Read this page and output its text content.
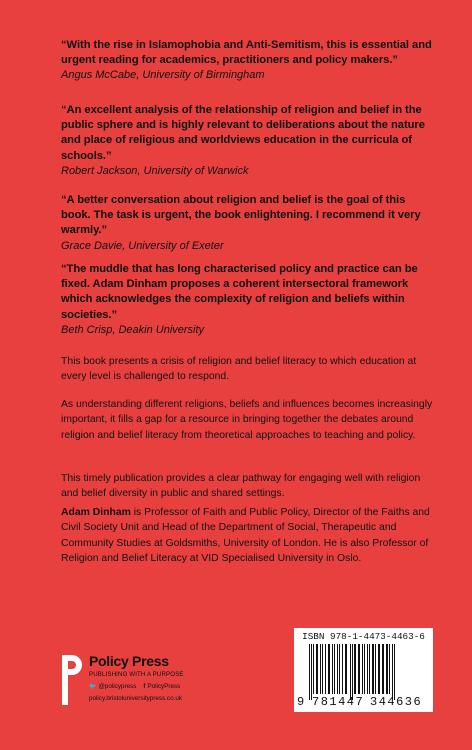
“With the rise in Islamophobia and Anti-Semitism, this is essential and urgent reading for academics, practitioners and policy makers.”
Angus McCabe, University of Birmingham
“An excellent analysis of the relationship of religion and belief in the public sphere and is highly relevant to deliberations about the nature and place of religious and worldviews education in the curricula of schools.”
Robert Jackson, University of Warwick
“A better conversation about religion and belief is the goal of this book. The task is urgent, the book enlightening. I recommend it very warmly.”
Grace Davie, University of Exeter
“The muddle that has long characterised policy and practice can be fixed. Adam Dinham proposes a coherent intersectoral framework which acknowledges the complexity of religion and beliefs within societies.”
Beth Crisp, Deakin University

This book presents a crisis of religion and belief literacy to which education at every level is challenged to respond.

As understanding different religions, beliefs and influences becomes increasingly important, it fills a gap for a resource in bringing together the debates around religion and belief literacy from theoretical approaches to teaching and policy.

This timely publication provides a clear pathway for engaging well with religion and belief diversity in public and shared settings.

Adam Dinham is Professor of Faith and Public Policy, Director of the Faiths and Civil Society Unit and Head of the Department of Social, Therapeutic and Community Studies at Goldsmiths, University of London. He is also Professor of Religion and Belief Literacy at VID Specialised University in Oslo.

Policy Press
PUBLISHING WITH A PURPOSE
🐦 @policypress f PolicyPress
policy.bristoluniversitypress.co.uk
ISBN 978-1-4473-4463-6
9 781447 344636
